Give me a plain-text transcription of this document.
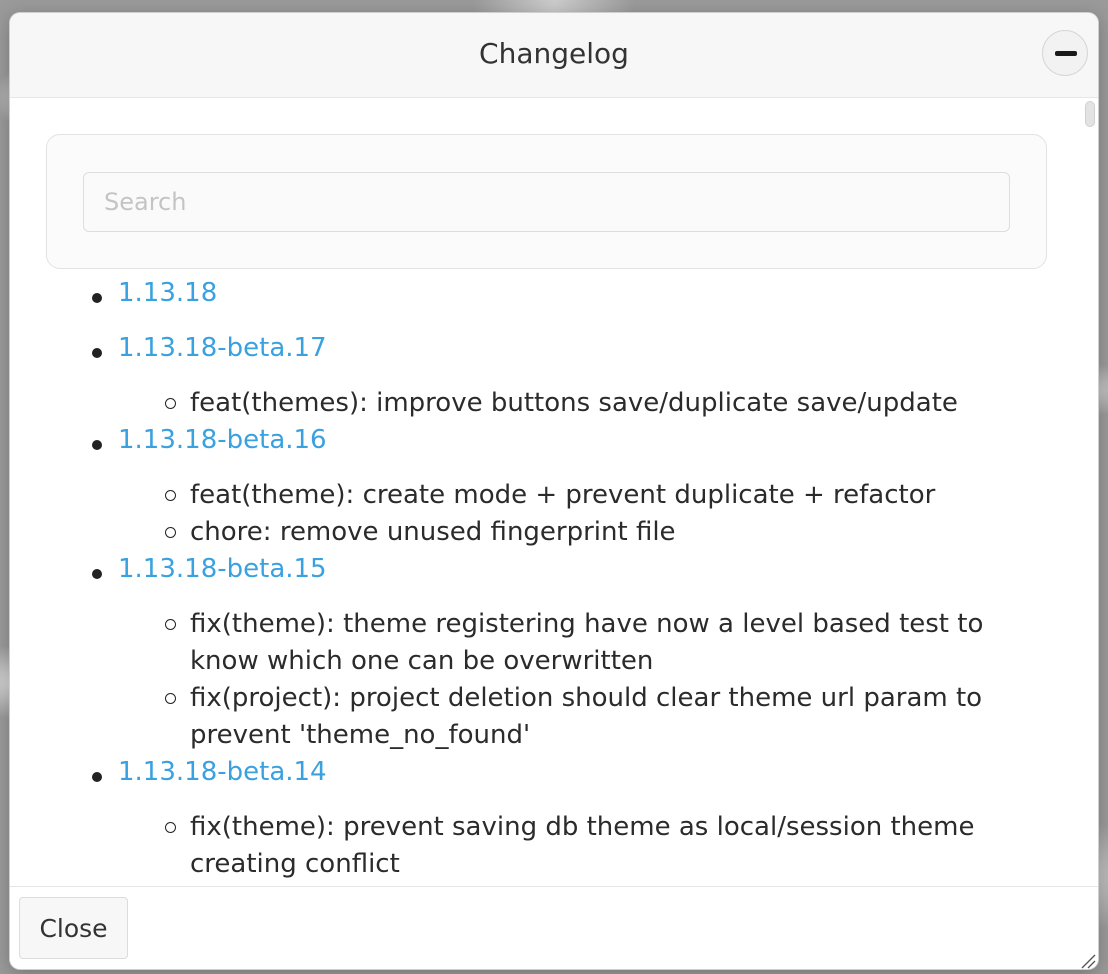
Changelog
Search
1.13.18
1.13.18-beta.17
feat(themes): improve buttons save/duplicate save/update
1.13.18-beta.16
feat(theme): create mode + prevent duplicate + refactor
chore: remove unused fingerprint file
1.13.18-beta.15
fix(theme): theme registering have now a level based test to know which one can be overwritten
fix(project): project deletion should clear theme url param to prevent 'theme_no_found'
1.13.18-beta.14
fix(theme): prevent saving db theme as local/session theme creating conflict
Close
